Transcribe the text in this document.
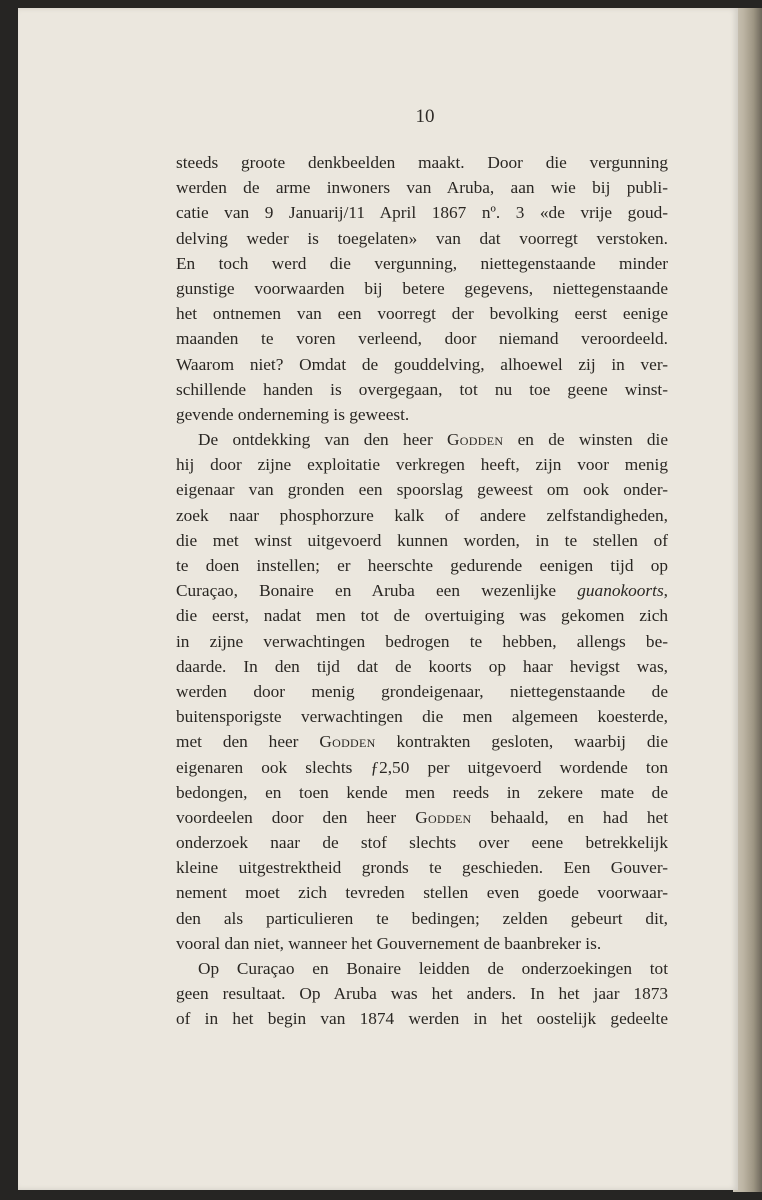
10
steeds groote denkbeelden maakt. Door die vergunning
werden de arme inwoners van Aruba, aan wie bij publi-
catie van 9 Januarij/11 April 1867 nº. 3 «de vrije goud-
delving weder is toegelaten» van dat voorregt verstoken.
En toch werd die vergunning, niettegenstaande minder
gunstige voorwaarden bij betere gegevens, niettegenstaande
het ontnemen van een voorregt der bevolking eerst eenige
maanden te voren verleend, door niemand veroordeeld.
Waarom niet? Omdat de gouddelving, alhoewel zij in ver-
schillende handen is overgegaan, tot nu toe geene winst-
gevende onderneming is geweest.
De ontdekking van den heer Godden en de winsten die
hij door zijne exploitatie verkregen heeft, zijn voor menig
eigenaar van gronden een spoorslag geweest om ook onder-
zoek naar phosphorzure kalk of andere zelfstandigheden,
die met winst uitgevoerd kunnen worden, in te stellen of
te doen instellen; er heerschte gedurende eenigen tijd op
Curaçao, Bonaire en Aruba een wezenlijke guanokoorts,
die eerst, nadat men tot de overtuiging was gekomen zich
in zijne verwachtingen bedrogen te hebben, allengs be-
daarde. In den tijd dat de koorts op haar hevigst was,
werden door menig grondeigenaar, niettegenstaande de
buitensporigste verwachtingen die men algemeen koesterde,
met den heer Godden kontrakten gesloten, waarbij die
eigenaren ook slechts ƒ2,50 per uitgevoerd wordende ton
bedongen, en toen kende men reeds in zekere mate de
voordeelen door den heer Godden behaald, en had het
onderzoek naar de stof slechts over eene betrekkelijk
kleine uitgestrektheid gronds te geschieden. Een Gouver-
nement moet zich tevreden stellen even goede voorwaar-
den als particulieren te bedingen; zelden gebeurt dit,
vooral dan niet, wanneer het Gouvernement de baanbreker is.
Op Curaçao en Bonaire leidden de onderzoekingen tot
geen resultaat. Op Aruba was het anders. In het jaar 1873
of in het begin van 1874 werden in het oostelijk gedeelte
